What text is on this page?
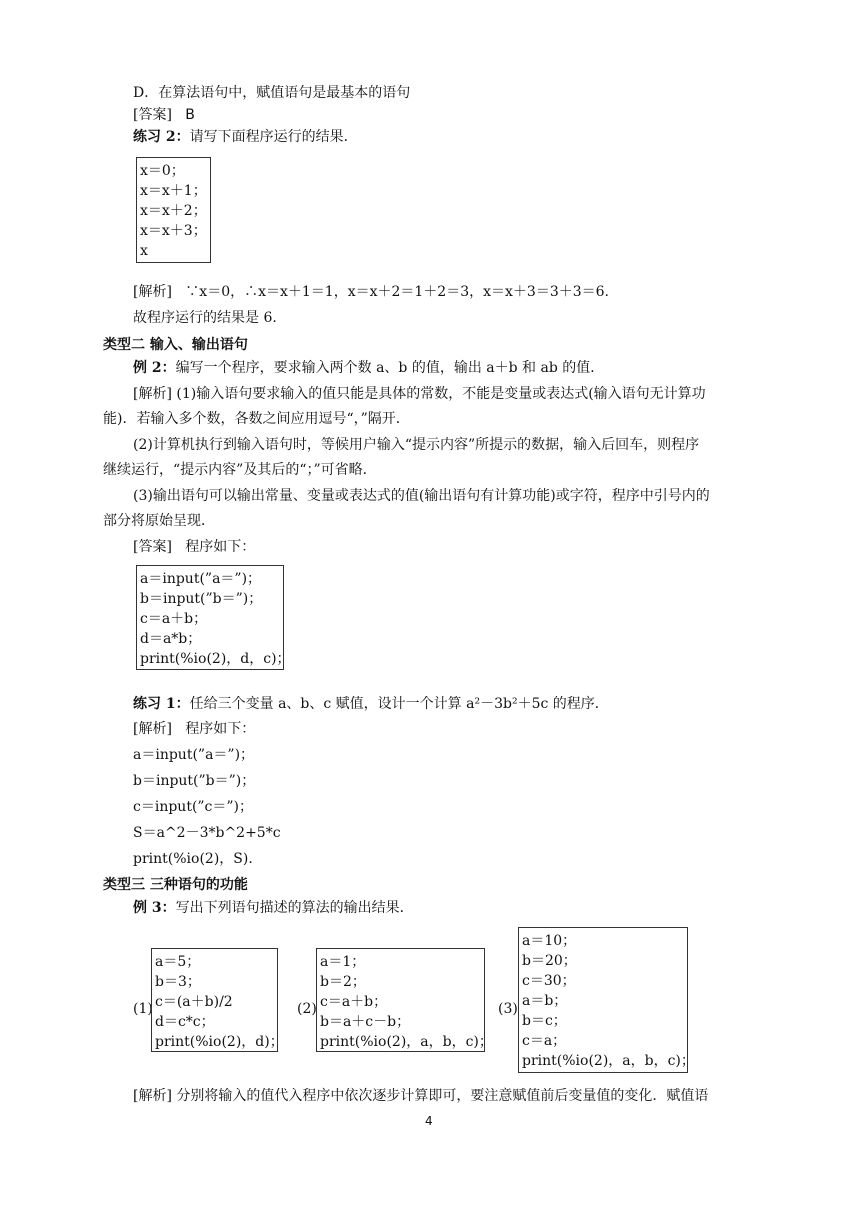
D．在算法语句中，赋值语句是最基本的语句
[答案] B
练习 2：请写下面程序运行的结果．
x＝0；
x＝x＋1；
x＝x＋2；
x＝x＋3；
x
[解析] ∵x＝0，∴x＝x＋1＝1，x＝x＋2＝1＋2＝3，x＝x＋3＝3＋3＝6.
故程序运行的结果是 6.
类型二 输入、输出语句
例 2：编写一个程序，要求输入两个数 a、b 的值，输出 a＋b 和 ab 的值．
[解析] (1)输入语句要求输入的值只能是具体的常数，不能是变量或表达式(输入语句无计算功
能)．若输入多个数，各数之间应用逗号“，”隔开．
(2)计算机执行到输入语句时，等候用户输入“提示内容”所提示的数据，输入后回车，则程序
继续运行，“提示内容”及其后的“；”可省略．
(3)输出语句可以输出常量、变量或表达式的值(输出语句有计算功能)或字符，程序中引号内的
部分将原始呈现．
[答案] 程序如下：
a＝input(”a＝”)；
b＝input(”b＝”)；
c＝a＋b；
d＝a*b；
print(%io(2)，d，c)；
练习 1：任给三个变量 a、b、c 赋值，设计一个计算 a²－3b²＋5c 的程序．
[解析] 程序如下：
a＝input(”a＝”)；
b＝input(”b＝”)；
c＝input(”c＝”)；
S＝a^2－3*b^2+5*c
print(%io(2)，S).
类型三 三种语句的功能
例 3：写出下列语句描述的算法的输出结果．
(1)
a＝5；
b＝3；
c＝(a＋b)/2
d＝c*c；
print(%io(2)，d)；
(2)
a＝1；
b＝2；
c＝a＋b；
b＝a＋c－b；
print(%io(2)，a，b，c)；
(3)
a＝10；
b＝20；
c＝30；
a＝b；
b＝c；
c＝a；
print(%io(2)，a，b，c)；
[解析] 分别将输入的值代入程序中依次逐步计算即可，要注意赋值前后变量值的变化．赋值语
4
